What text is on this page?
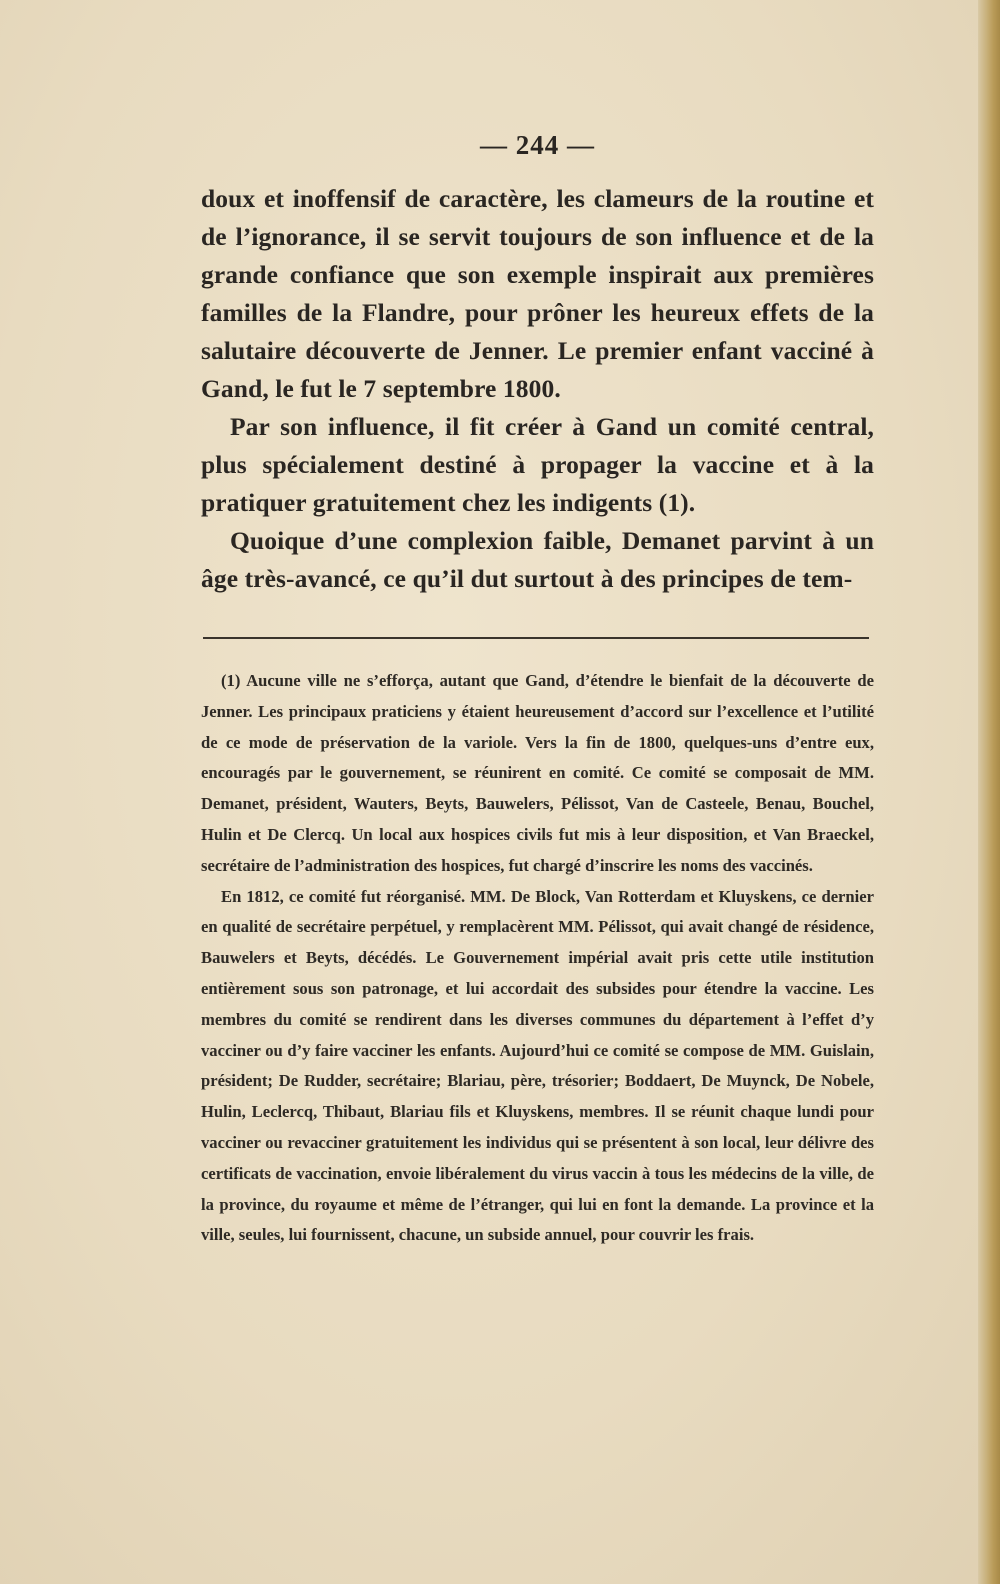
— 244 —

doux et inoffensif de caractère, les clameurs de la routine et de l’ignorance, il se servit toujours de son influence et de la grande confiance que son exemple inspirait aux premières familles de la Flandre, pour prôner les heureux effets de la salutaire découverte de Jenner. Le premier enfant vacciné à Gand, le fut le 7 septembre 1800.

Par son influence, il fit créer à Gand un comité central, plus spécialement destiné à propager la vaccine et à la pratiquer gratuitement chez les indigents (1).

Quoique d’une complexion faible, Demanet parvint à un âge très-avancé, ce qu’il dut surtout à des principes de tem-

(1) Aucune ville ne s’efforça, autant que Gand, d’étendre le bienfait de la découverte de Jenner. Les principaux praticiens y étaient heureusement d’accord sur l’excellence et l’utilité de ce mode de préservation de la variole. Vers la fin de 1800, quelques-uns d’entre eux, encouragés par le gouvernement, se réunirent en comité. Ce comité se composait de MM. Demanet, président, Wauters, Beyts, Bauwelers, Pélissot, Van de Casteele, Benau, Bouchel, Hulin et De Clercq. Un local aux hospices civils fut mis à leur disposition, et Van Braeckel, secrétaire de l’administration des hospices, fut chargé d’inscrire les noms des vaccinés.

En 1812, ce comité fut réorganisé. MM. De Block, Van Rotterdam et Kluyskens, ce dernier en qualité de secrétaire perpétuel, y remplacèrent MM. Pélissot, qui avait changé de résidence, Bauwelers et Beyts, décédés. Le Gouvernement impérial avait pris cette utile institution entièrement sous son patronage, et lui accordait des subsides pour étendre la vaccine. Les membres du comité se rendirent dans les diverses communes du département à l’effet d’y vacciner ou d’y faire vacciner les enfants. Aujourd’hui ce comité se compose de MM. Guislain, président; De Rudder, secrétaire; Blariau, père, trésorier; Boddaert, De Muynck, De Nobele, Hulin, Leclercq, Thibaut, Blariau fils et Kluyskens, membres. Il se réunit chaque lundi pour vacciner ou revacciner gratuitement les individus qui se présentent à son local, leur délivre des certificats de vaccination, envoie libéralement du virus vaccin à tous les médecins de la ville, de la province, du royaume et même de l’étranger, qui lui en font la demande. La province et la ville, seules, lui fournissent, chacune, un subside annuel, pour couvrir les frais.
